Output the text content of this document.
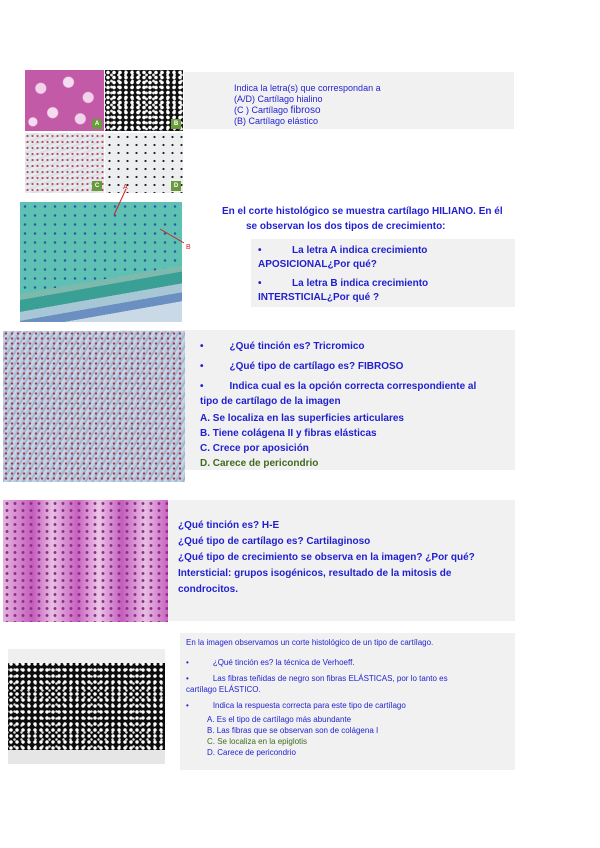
A	B
C	D
Indica la letra(s) que correspondan a
(A/D) Cartílago hialino
(C ) Cartílago fibroso
(B) Cartílago elástico
A
B
En el corte histológico se muestra cartílago HILIANO. En él
se observan los dos tipos de crecimiento:
•	La letra A indica crecimiento
APOSICIONAL¿Por qué?
•	La letra B indica crecimiento
INTERSTICIAL¿Por qué ?
•	¿Qué tinción es? Tricromico
•	¿Qué tipo de cartílago es? FIBROSO
•	Indica cual es la opción correcta correspondiente al
tipo de cartílago de la imagen
A. Se localiza en las superficies articulares
B. Tiene colágena II y fibras elásticas
C. Crece por aposición
D. Carece de pericondrio
¿Qué tinción es? H-E
¿Qué tipo de cartílago es? Cartilaginoso
¿Qué tipo de crecimiento se observa en la imagen? ¿Por qué?
Intersticial: grupos isogénicos, resultado de la mitosis de
condrocitos.
En la imagen observamos un corte histológico de un tipo de cartílago.
•	¿Qué tinción es? la técnica de Verhoeff.
•	Las fibras teñidas de negro son fibras ELÁSTICAS, por lo tanto es
cartílago ELÁSTICO.
•	Indica la respuesta correcta para este tipo de cartílago
A. Es el tipo de cartílago más abundante
B. Las fibras que se observan son de colágena I
C. Se localiza en la epiglotis
D. Carece de pericondrio
